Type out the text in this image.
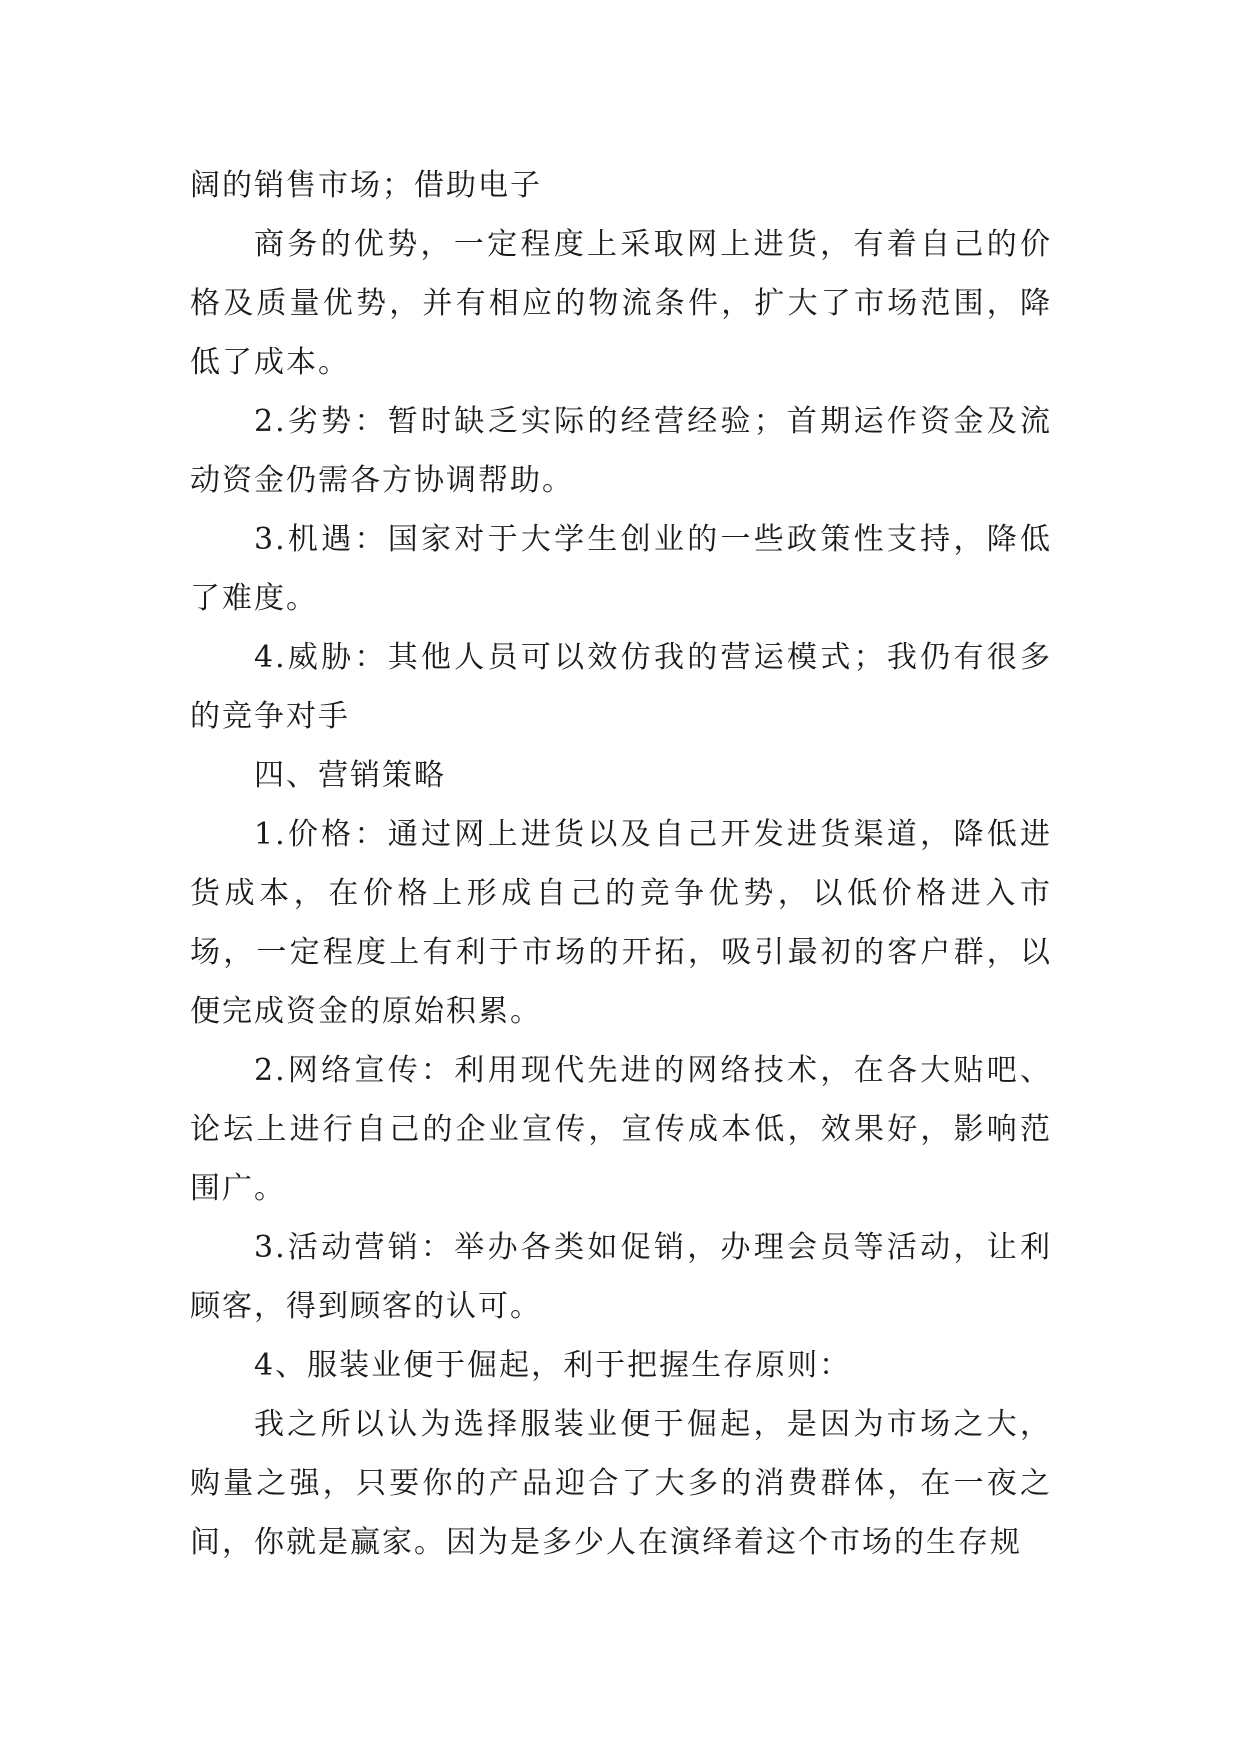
阔的销售市场；借助电子

商务的优势，一定程度上采取网上进货，有着自己的价格及质量优势，并有相应的物流条件，扩大了市场范围，降低了成本。

2.劣势：暂时缺乏实际的经营经验；首期运作资金及流动资金仍需各方协调帮助。

3.机遇：国家对于大学生创业的一些政策性支持，降低了难度。

4.威胁：其他人员可以效仿我的营运模式；我仍有很多的竞争对手

四、营销策略

1.价格：通过网上进货以及自己开发进货渠道，降低进货成本，在价格上形成自己的竞争优势，以低价格进入市场，一定程度上有利于市场的开拓，吸引最初的客户群，以便完成资金的原始积累。

2.网络宣传：利用现代先进的网络技术，在各大贴吧、论坛上进行自己的企业宣传，宣传成本低，效果好，影响范围广。

3.活动营销：举办各类如促销，办理会员等活动，让利顾客，得到顾客的认可。

4、服装业便于倔起，利于把握生存原则：

我之所以认为选择服装业便于倔起，是因为市场之大，购量之强，只要你的产品迎合了大多的消费群体，在一夜之间，你就是赢家。因为是多少人在演绎着这个市场的生存规
